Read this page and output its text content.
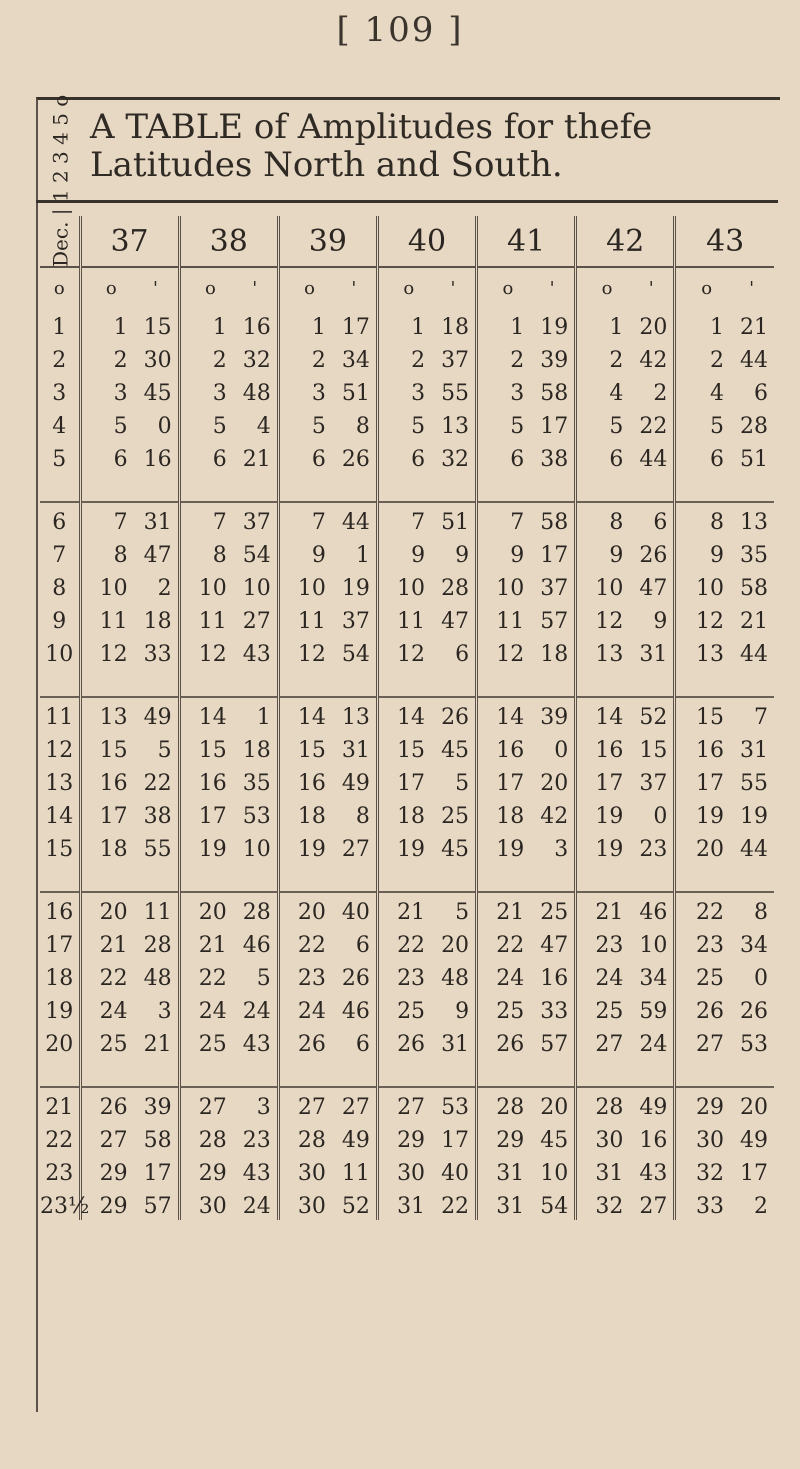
[ 109 ]
A TABLE of Amplitudes for thefe
Latitudes North and South.
Dec. | 1 2 3 4 5 o	37	38	39	40	41	42	43
o	o '	o '	o '	o '	o '	o '	o '
1	1 15	1 16	1 17	1 18	1 19	1 20	1 21
2	2 30	2 32	2 34	2 37	2 39	2 42	2 44
3	3 45	3 48	3 51	3 55	3 58	4 2	4 6
4	5 0	5 4	5 8	5 13	5 17	5 22	5 28
5	6 16	6 21	6 26	6 32	6 38	6 44	6 51

6	7 31	7 37	7 44	7 51	7 58	8 6	8 13
7	8 47	8 54	9 1	9 9	9 17	9 26	9 35
8	10 2	10 10	10 19	10 28	10 37	10 47	10 58
9	11 18	11 27	11 37	11 47	11 57	12 9	12 21
10	12 33	12 43	12 54	12 6	12 18	13 31	13 44

11	13 49	14 1	14 13	14 26	14 39	14 52	15 7
12	15 5	15 18	15 31	15 45	16 0	16 15	16 31
13	16 22	16 35	16 49	17 5	17 20	17 37	17 55
14	17 38	17 53	18 8	18 25	18 42	19 0	19 19
15	18 55	19 10	19 27	19 45	19 3	19 23	20 44

16	20 11	20 28	20 40	21 5	21 25	21 46	22 8
17	21 28	21 46	22 6	22 20	22 47	23 10	23 34
18	22 48	22 5	23 26	23 48	24 16	24 34	25 0
19	24 3	24 24	24 46	25 9	25 33	25 59	26 26
20	25 21	25 43	26 6	26 31	26 57	27 24	27 53

21	26 39	27 3	27 27	27 53	28 20	28 49	29 20
22	27 58	28 23	28 49	29 17	29 45	30 16	30 49
23	29 17	29 43	30 11	30 40	31 10	31 43	32 17
23½	29 57	30 24	30 52	31 22	31 54	32 27	33 2
